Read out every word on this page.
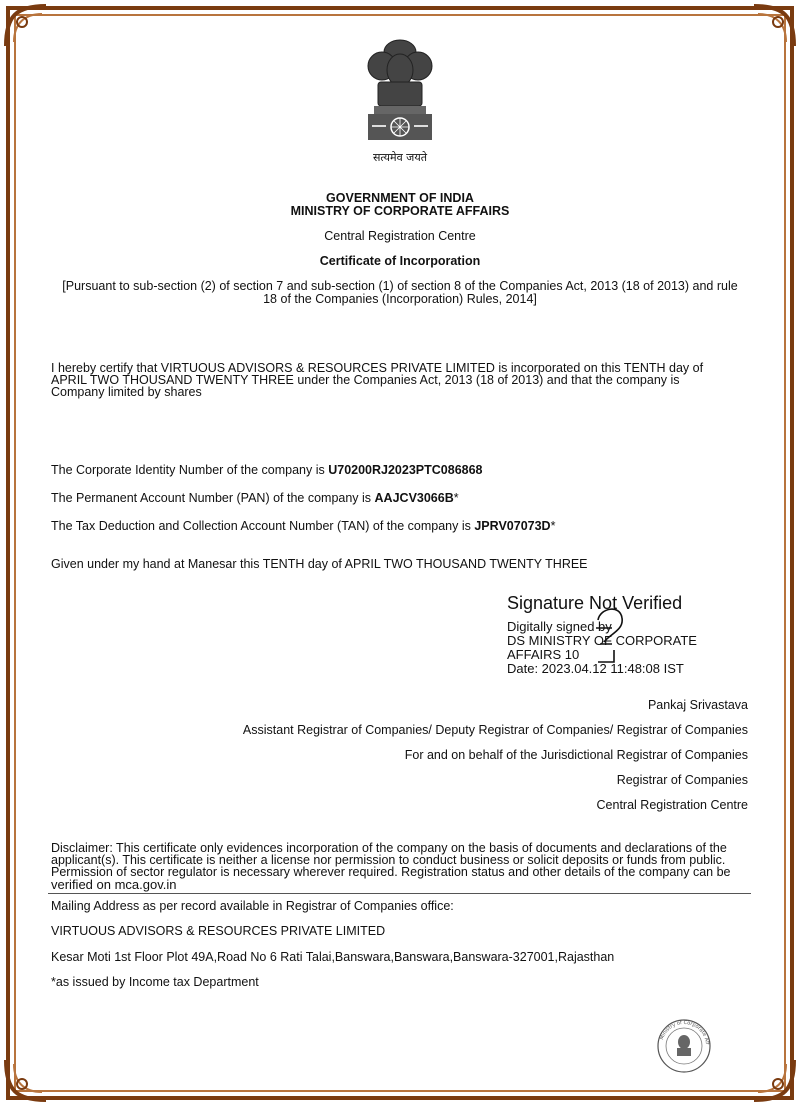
सत्यमेव जयते
GOVERNMENT OF INDIA
MINISTRY OF CORPORATE AFFAIRS
Central Registration Centre
Certificate of Incorporation
[Pursuant to sub-section (2) of section 7 and sub-section (1) of section 8 of the Companies Act, 2013 (18 of 2013) and rule
18 of the Companies (Incorporation) Rules, 2014]
I hereby certify that VIRTUOUS ADVISORS & RESOURCES PRIVATE LIMITED is incorporated on this TENTH day of
APRIL TWO THOUSAND TWENTY THREE under the Companies Act, 2013 (18 of 2013) and that the company is
Company limited by shares
The Corporate Identity Number of the company is U70200RJ2023PTC086868
The Permanent Account Number (PAN) of the company is AAJCV3066B*
The Tax Deduction and Collection Account Number (TAN) of the company is JPRV07073D*
Given under my hand at Manesar this TENTH day of APRIL TWO THOUSAND TWENTY THREE
Signature Not Verified
Digitally signed by
DS MINISTRY OF CORPORATE
AFFAIRS 10
Date: 2023.04.12 11:48:08 IST
Pankaj Srivastava
Assistant Registrar of Companies/ Deputy Registrar of Companies/ Registrar of Companies
For and on behalf of the Jurisdictional Registrar of Companies
Registrar of Companies
Central Registration Centre
Disclaimer: This certificate only evidences incorporation of the company on the basis of documents and declarations of the
applicant(s). This certificate is neither a license nor permission to conduct business or solicit deposits or funds from public.
Permission of sector regulator is necessary wherever required. Registration status and other details of the company can be
verified on mca.gov.in
Mailing Address as per record available in Registrar of Companies office:
VIRTUOUS ADVISORS & RESOURCES PRIVATE LIMITED
Kesar Moti 1st Floor Plot 49A,Road No 6 Rati Talai,Banswara,Banswara,Banswara-327001,Rajasthan
*as issued by Income tax Department
Ministry of Corporate Aff
